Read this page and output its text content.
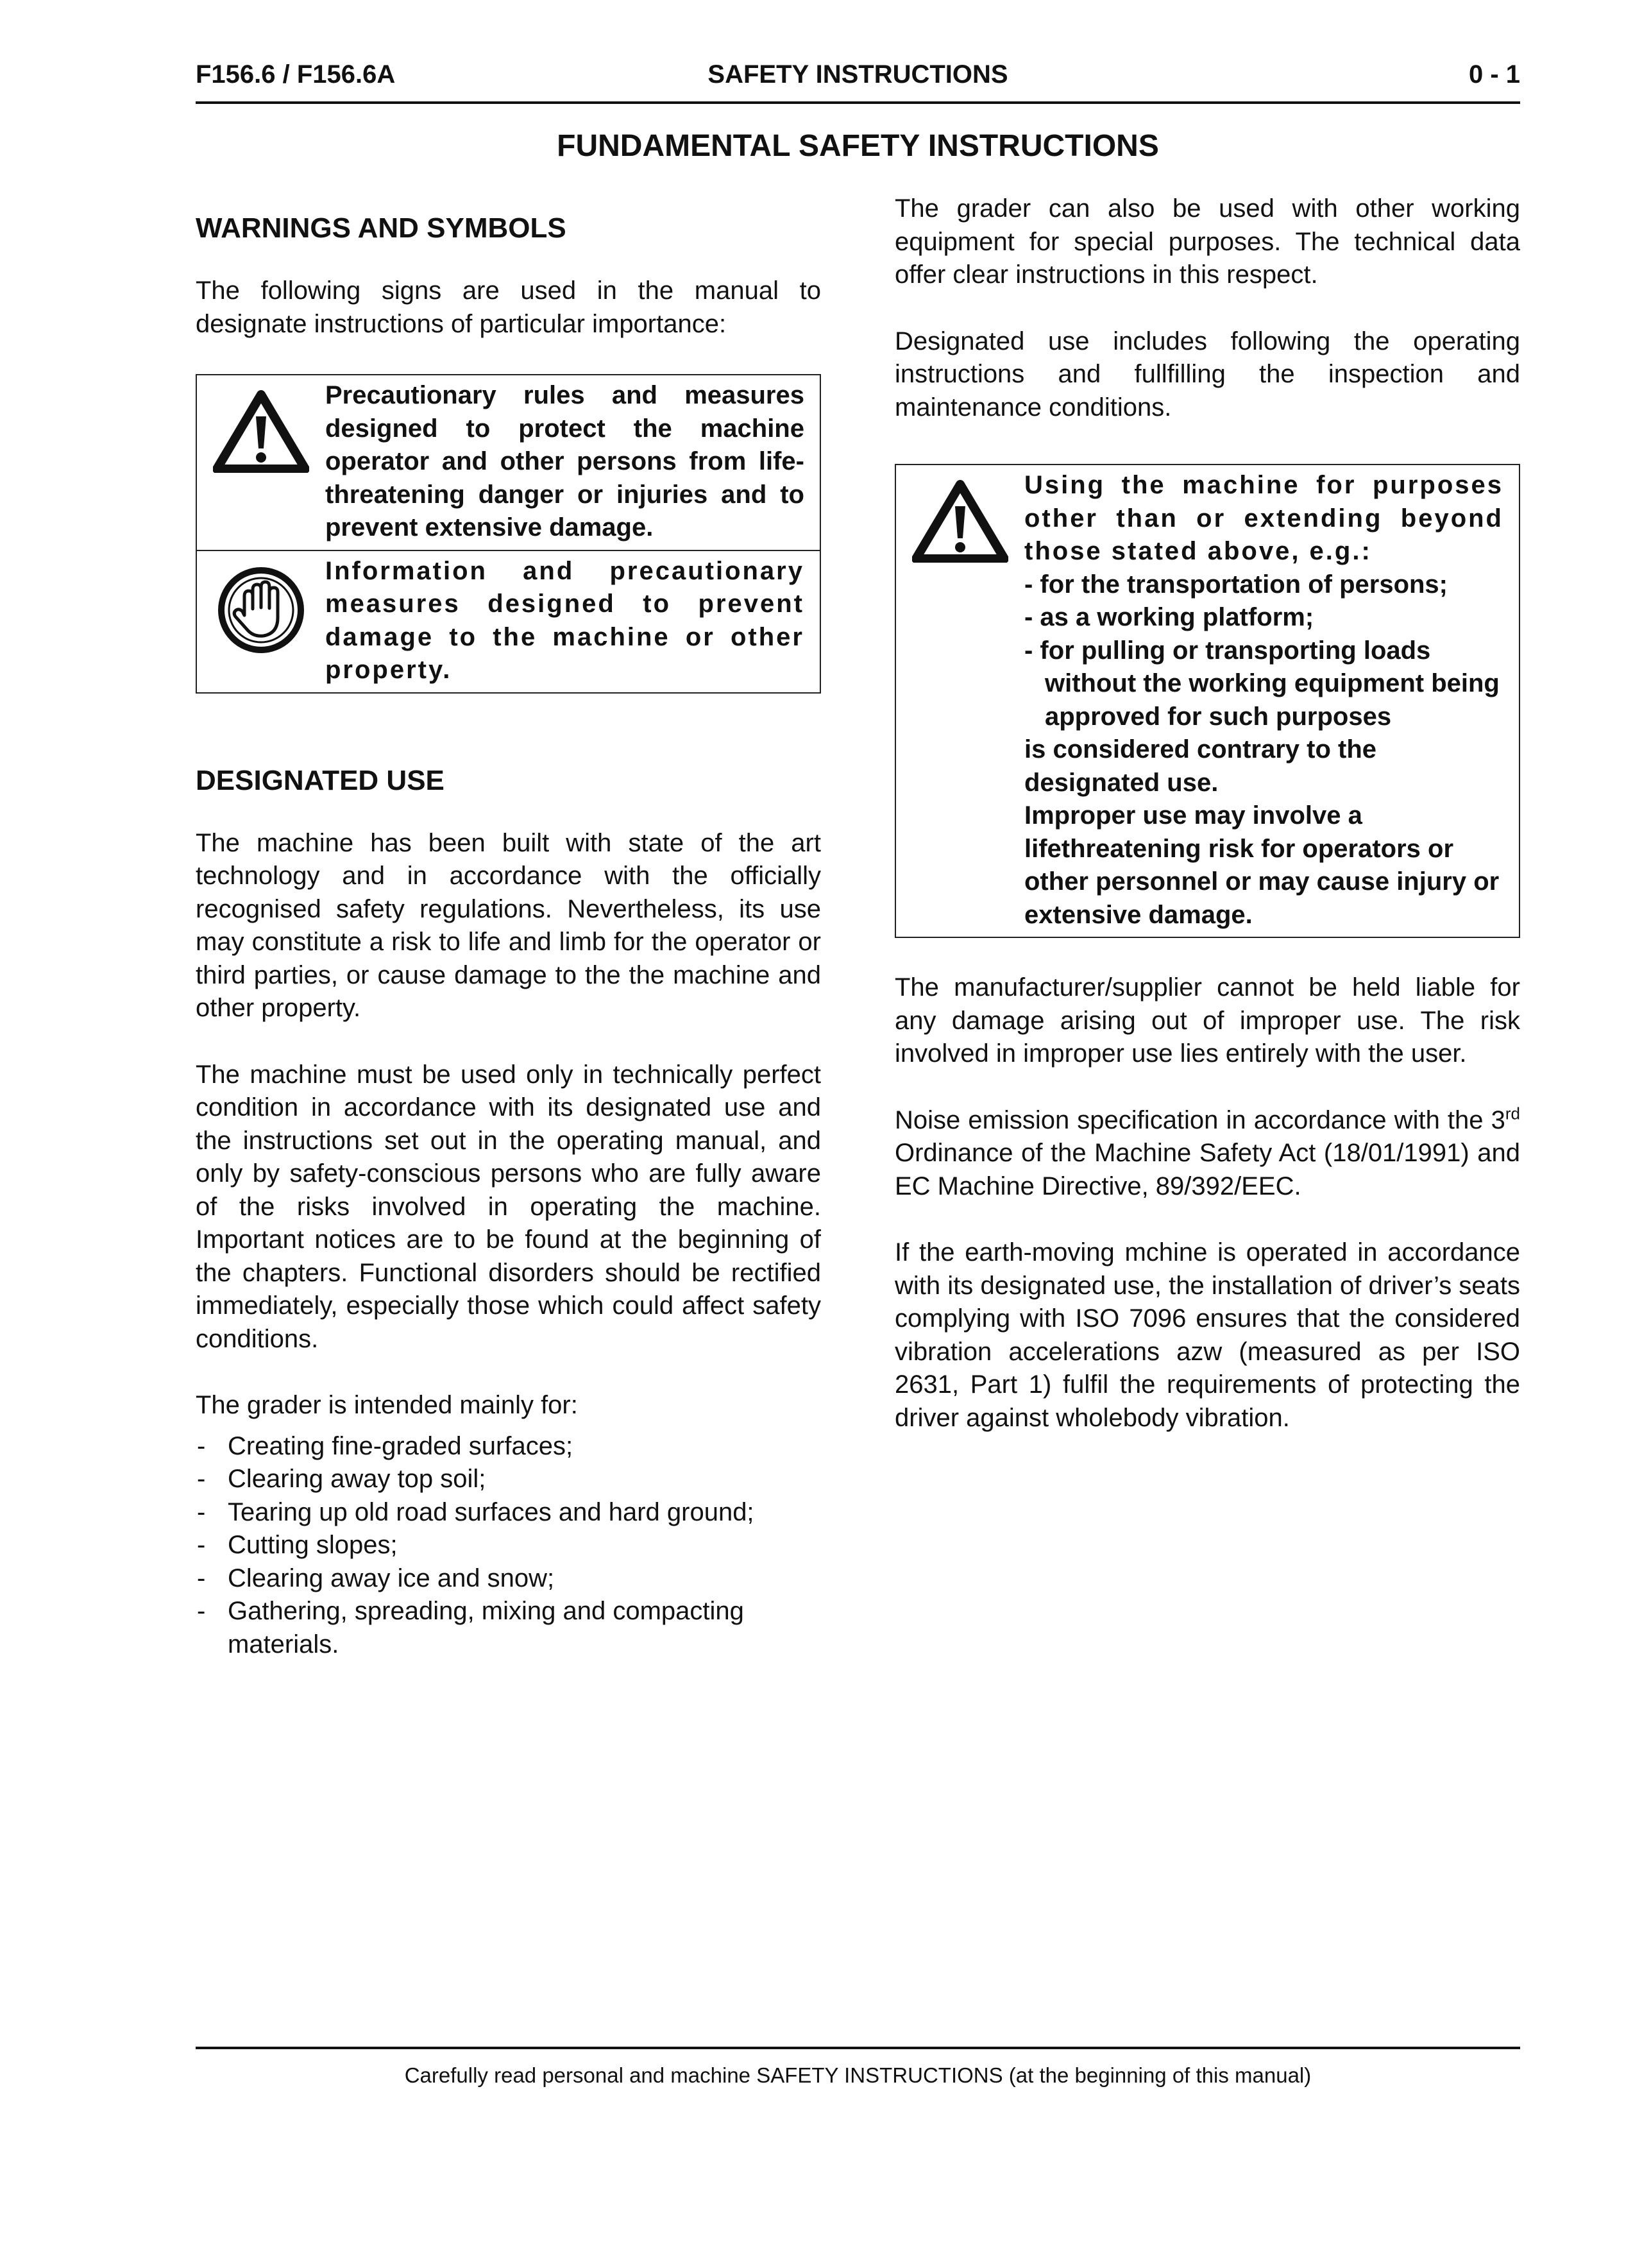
F156.6 / F156.6A	SAFETY INSTRUCTIONS	0 - 1
FUNDAMENTAL SAFETY INSTRUCTIONS
WARNINGS AND SYMBOLS

The following signs are used in the manual to designate instructions of particular importance:

Precautionary rules and measures designed to protect the machine operator and other persons from life-threatening danger or injuries and to prevent extensive damage.
Information and precautionary measures designed to prevent damage to the machine or other property.
DESIGNATED USE

The machine has been built with state of the art technology and in accordance with the officially recognised safety regulations. Nevertheless, its use may constitute a risk to life and limb for the operator or third parties, or cause damage to the the machine and other property.

The machine must be used only in technically perfect condition in accordance with its designated use and the instructions set out in the operating manual, and only by safety-conscious persons who are fully aware of the risks involved in operating the machine. Important notices are to be found at the beginning of the chapters. Functional disorders should be rectified immediately, especially those which could affect safety conditions.

The grader is intended mainly for:

- Creating fine-graded surfaces;
- Clearing away top soil;
- Tearing up old road surfaces and hard ground;
- Cutting slopes;
- Clearing away ice and snow;
- Gathering, spreading, mixing and compacting materials.

The grader can also be used with other working equipment for special purposes. The technical data offer clear instructions in this respect.

Designated use includes following the operating instructions and fullfilling the inspection and maintenance conditions.

Using the machine for purposes other than or extending beyond those stated above, e.g.:
- for the transportation of persons;
- as a working platform;
- for pulling or transporting loads without the working equipment being approved for such purposes
is considered contrary to the designated use.
Improper use may involve a lifethreatening risk for operators or other personnel or may cause injury or extensive damage.

The manufacturer/supplier cannot be held liable for any damage arising out of improper use. The risk involved in improper use lies entirely with the user.

Noise emission specification in accordance with the 3rd Ordinance of the Machine Safety Act (18/01/1991) and EC Machine Directive, 89/392/EEC.

If the earth-moving mchine is operated in accordance with its designated use, the installation of driver’s seats complying with ISO 7096 ensures that the considered vibration accelerations azw (measured as per ISO 2631, Part 1) fulfil the requirements of protecting the driver against wholebody vibration.

Carefully read personal and machine SAFETY INSTRUCTIONS (at the beginning of this manual)
